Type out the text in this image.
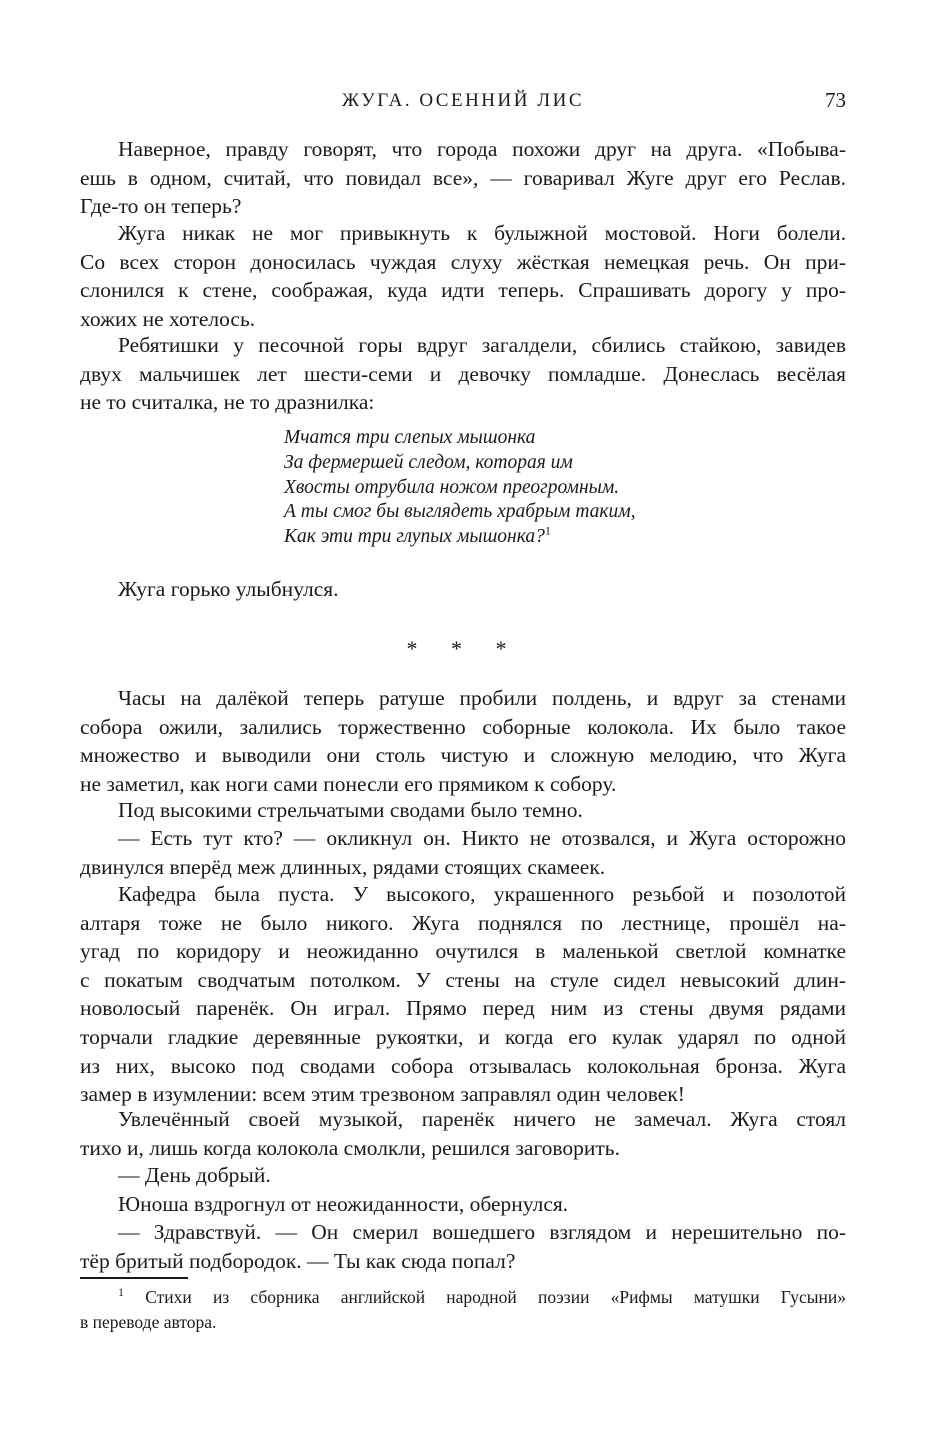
ЖУГА. ОСЕННИЙ ЛИС	73

Наверное, правду говорят, что города похожи друг на друга. «Побыва-
ешь в одном, считай, что повидал все», — говаривал Жуге друг его Реслав.
Где-то он теперь?

Жуга никак не мог привыкнуть к булыжной мостовой. Ноги болели.
Со всех сторон доносилась чуждая слуху жёсткая немецкая речь. Он при-
слонился к стене, соображая, куда идти теперь. Спрашивать дорогу у про-
хожих не хотелось.

Ребятишки у песочной горы вдруг загалдели, сбились стайкою, завидев
двух мальчишек лет шести-семи и девочку помладше. Донеслась весёлая
не то считалка, не то дразнилка:

Мчатся три слепых мышонка
За фермершей следом, которая им
Хвосты отрубила ножом преогромным.
А ты смог бы выглядеть храбрым таким,
Как эти три глупых мышонка?$^1$

Жуга горько улыбнулся.

* * *

Часы на далёкой теперь ратуше пробили полдень, и вдруг за стенами
собора ожили, залились торжественно соборные колокола. Их было такое
множество и выводили они столь чистую и сложную мелодию, что Жуга
не заметил, как ноги сами понесли его прямиком к собору.

Под высокими стрельчатыми сводами было темно.

— Есть тут кто? — окликнул он. Никто не отозвался, и Жуга осторожно
двинулся вперёд меж длинных, рядами стоящих скамеек.

Кафедра была пуста. У высокого, украшенного резьбой и позолотой
алтаря тоже не было никого. Жуга поднялся по лестнице, прошёл на-
угад по коридору и неожиданно очутился в маленькой светлой комнатке
с покатым сводчатым потолком. У стены на стуле сидел невысокий длин-
новолосый паренёк. Он играл. Прямо перед ним из стены двумя рядами
торчали гладкие деревянные рукоятки, и когда его кулак ударял по одной
из них, высоко под сводами собора отзывалась колокольная бронза. Жуга
замер в изумлении: всем этим трезвоном заправлял один человек!

Увлечённый своей музыкой, паренёк ничего не замечал. Жуга стоял
тихо и, лишь когда колокола смолкли, решился заговорить.

— День добрый.

Юноша вздрогнул от неожиданности, обернулся.

— Здравствуй. — Он смерил вошедшего взглядом и нерешительно по-
тёр бритый подбородок. — Ты как сюда попал?

$^1$ Стихи из сборника английской народной поэзии «Рифмы матушки Гусыни»
в переводе автора.
